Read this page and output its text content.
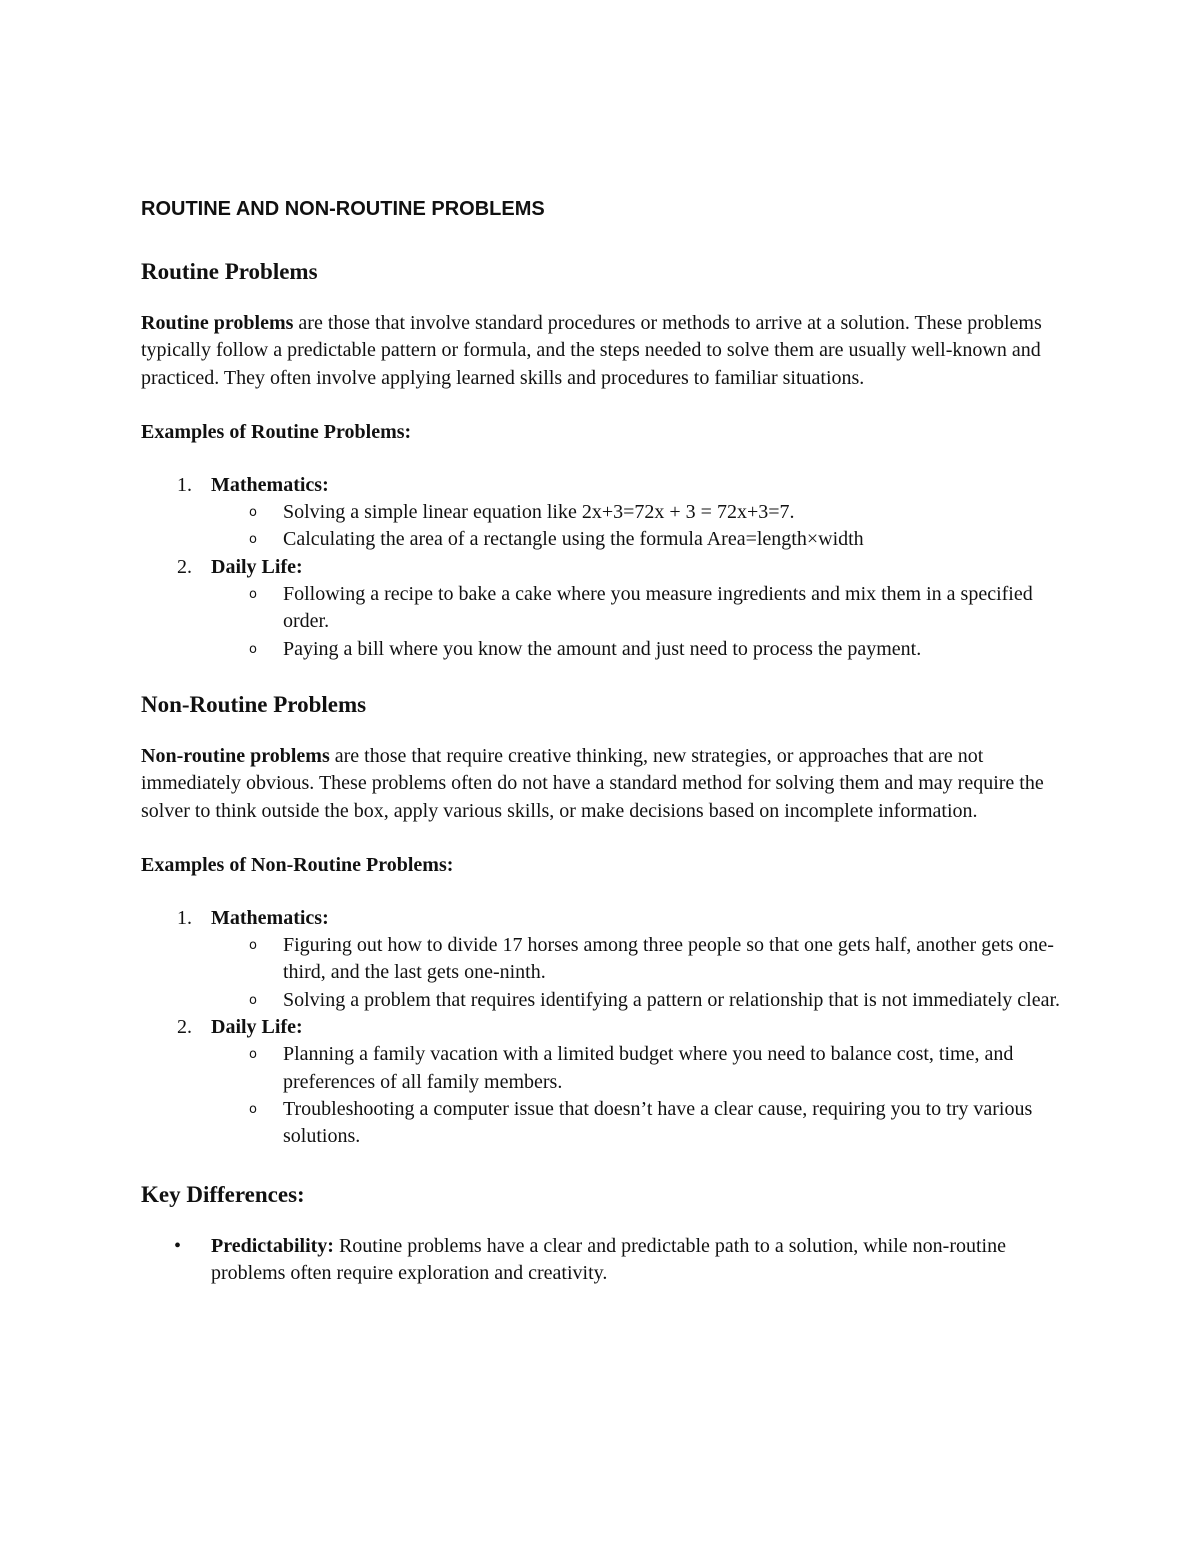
ROUTINE AND NON-ROUTINE PROBLEMS
Routine Problems

Routine problems are those that involve standard procedures or methods to arrive at a solution. These problems typically follow a predictable pattern or formula, and the steps needed to solve them are usually well-known and practiced. They often involve applying learned skills and procedures to familiar situations.

Examples of Routine Problems:
1. Mathematics:
o Solving a simple linear equation like 2x+3=72x + 3 = 72x+3=7.
o Calculating the area of a rectangle using the formula Area=length×width
2. Daily Life:
o Following a recipe to bake a cake where you measure ingredients and mix them in a specified order.
o Paying a bill where you know the amount and just need to process the payment.
Non-Routine Problems

Non-routine problems are those that require creative thinking, new strategies, or approaches that are not immediately obvious. These problems often do not have a standard method for solving them and may require the solver to think outside the box, apply various skills, or make decisions based on incomplete information.

Examples of Non-Routine Problems:
1. Mathematics:
o Figuring out how to divide 17 horses among three people so that one gets half, another gets one-third, and the last gets one-ninth.
o Solving a problem that requires identifying a pattern or relationship that is not immediately clear.
2. Daily Life:
o Planning a family vacation with a limited budget where you need to balance cost, time, and preferences of all family members.
o Troubleshooting a computer issue that doesn’t have a clear cause, requiring you to try various solutions.
Key Differences:
• Predictability: Routine problems have a clear and predictable path to a solution, while non-routine problems often require exploration and creativity.
